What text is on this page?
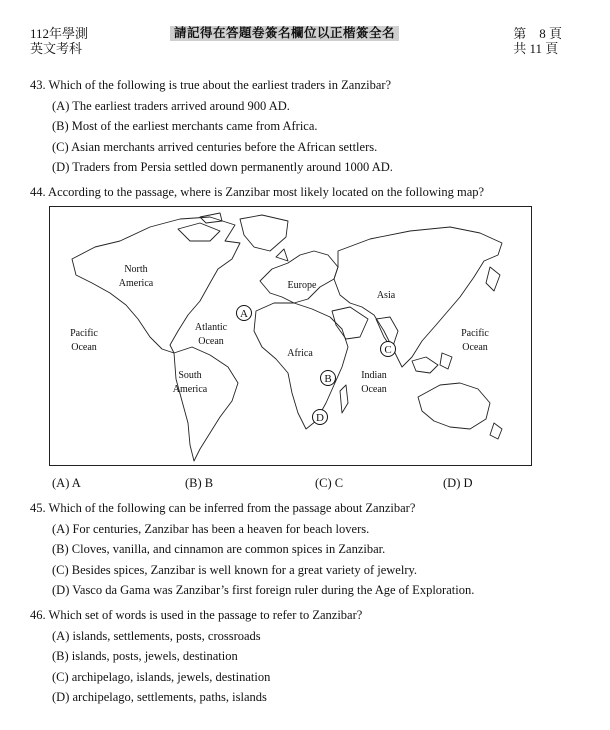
112年學測
英文考科
請記得在答題卷簽名欄位以正楷簽全名	第　8 頁
共 11 頁
43. Which of the following is true about the earliest traders in Zanzibar?
(A) The earliest traders arrived around 900 AD.
(B) Most of the earliest merchants came from Africa.
(C) Asian merchants arrived centuries before the African settlers.
(D) Traders from Persia settled down permanently around 1000 AD.
44. According to the passage, where is Zanzibar most likely located on the following map?
North
America
Pacific
Ocean
Atlantic
Ocean
South
America
Europe
Asia
Africa
Indian
Ocean
Pacific
Ocean
A
B
C
D
(A) A	(B) B	(C) C	(D) D
45. Which of the following can be inferred from the passage about Zanzibar?
(A) For centuries, Zanzibar has been a heaven for beach lovers.
(B) Cloves, vanilla, and cinnamon are common spices in Zanzibar.
(C) Besides spices, Zanzibar is well known for a great variety of jewelry.
(D) Vasco da Gama was Zanzibar’s first foreign ruler during the Age of Exploration.
46. Which set of words is used in the passage to refer to Zanzibar?
(A) islands, settlements, posts, crossroads
(B) islands, posts, jewels, destination
(C) archipelago, islands, jewels, destination
(D) archipelago, settlements, paths, islands
